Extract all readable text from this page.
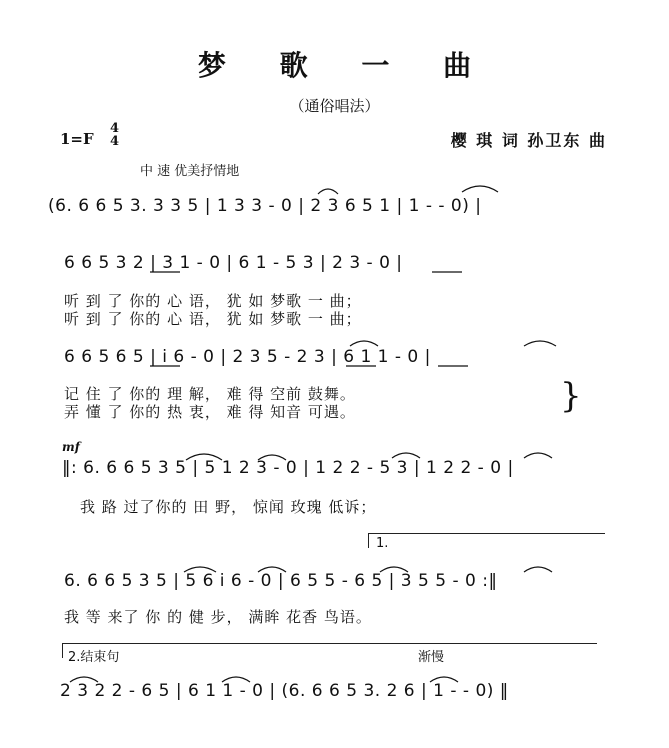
梦 歌 一 曲
（通俗唱法）
1=F
4
4	樱 琪 词 孙卫东 曲
中 速 优美抒情地
(6. 6 6 5 3. 3 3 5 | 1 3 3 - 0 | 2 3 6 5 1 | 1 - - 0) |
6 6 5 3 2 | 3 1 - 0 | 6 1 - 5 3 | 2 3 - 0 |
听 到 了 你的 心 语， 犹 如 梦歌 一 曲；
听 到 了 你的 心 语， 犹 如 梦歌 一 曲；
6 6 5 6 5 | i 6 - 0 | 2 3 5 - 2 3 | 6 1 1 - 0 |
记 住 了 你的 理 解， 难 得 空前 鼓舞。
弄 懂 了 你的 热 衷， 难 得 知音 可遇。	}
mf
‖: 6. 6 6 5 3 5 | 5 1 2 3 - 0 | 1 2 2 - 5 3 | 1 2 2 - 0 |
我 路 过了你的 田 野， 惊闻 玫瑰 低诉；
1.
6. 6 6 5 3 5 | 5 6 i 6 - 0 | 6 5 5 - 6 5 | 3 5 5 - 0 :‖
我 等 来了 你 的 健 步， 满眸 花香 鸟语。
2.结束句	渐慢
2 3 2 2 - 6 5 | 6 1 1 - 0 | (6. 6 6 5 3. 2 6 | 1 - - 0) ‖
